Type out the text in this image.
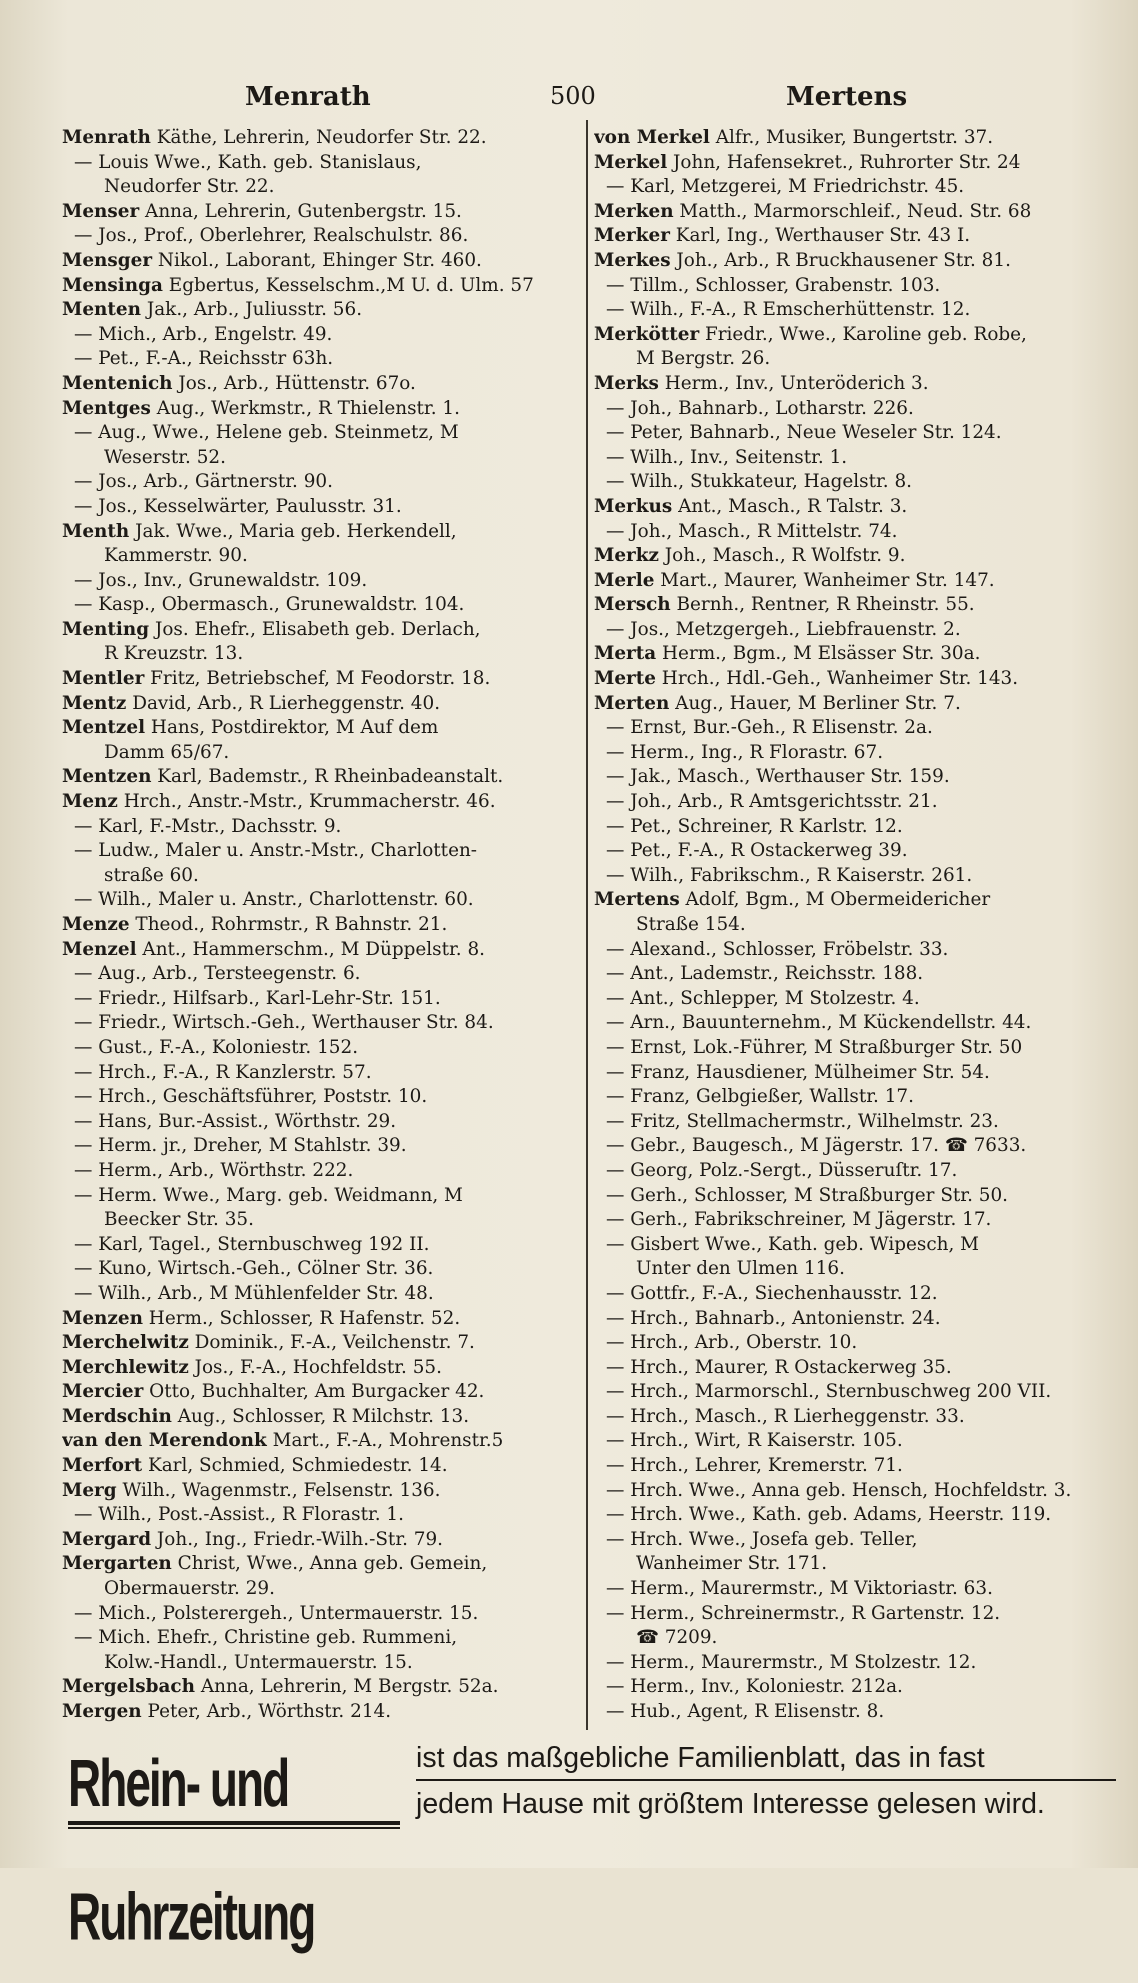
Menrath	500	Mertens
Menrath Käthe, Lehrerin, Neudorfer Str. 22.
— Louis Wwe., Kath. geb. Stanislaus,
Neudorfer Str. 22.
Menser Anna, Lehrerin, Gutenbergstr. 15.
— Jos., Prof., Oberlehrer, Realschulstr. 86.
Mensger Nikol., Laborant, Ehinger Str. 460.
Mensinga Egbertus, Kesselschm.,M U. d. Ulm. 57
Menten Jak., Arb., Juliusstr. 56.
— Mich., Arb., Engelstr. 49.
— Pet., F.-A., Reichsstr 63h.
Mentenich Jos., Arb., Hüttenstr. 67o.
Mentges Aug., Werkmstr., R Thielenstr. 1.
— Aug., Wwe., Helene geb. Steinmetz, M
Weserstr. 52.
— Jos., Arb., Gärtnerstr. 90.
— Jos., Kesselwärter, Paulusstr. 31.
Menth Jak. Wwe., Maria geb. Herkendell,
Kammerstr. 90.
— Jos., Inv., Grunewaldstr. 109.
— Kasp., Obermasch., Grunewaldstr. 104.
Menting Jos. Ehefr., Elisabeth geb. Derlach,
R Kreuzstr. 13.
Mentler Fritz, Betriebschef, M Feodorstr. 18.
Mentz David, Arb., R Lierheggenstr. 40.
Mentzel Hans, Postdirektor, M Auf dem
Damm 65/67.
Mentzen Karl, Bademstr., R Rheinbadeanstalt.
Menz Hrch., Anstr.-Mstr., Krummacherstr. 46.
— Karl, F.-Mstr., Dachsstr. 9.
— Ludw., Maler u. Anstr.-Mstr., Charlotten-
straße 60.
— Wilh., Maler u. Anstr., Charlottenstr. 60.
Menze Theod., Rohrmstr., R Bahnstr. 21.
Menzel Ant., Hammerschm., M Düppelstr. 8.
— Aug., Arb., Tersteegenstr. 6.
— Friedr., Hilfsarb., Karl-Lehr-Str. 151.
— Friedr., Wirtsch.-Geh., Werthauser Str. 84.
— Gust., F.-A., Koloniestr. 152.
— Hrch., F.-A., R Kanzlerstr. 57.
— Hrch., Geschäftsführer, Poststr. 10.
— Hans, Bur.-Assist., Wörthstr. 29.
— Herm. jr., Dreher, M Stahlstr. 39.
— Herm., Arb., Wörthstr. 222.
— Herm. Wwe., Marg. geb. Weidmann, M
Beecker Str. 35.
— Karl, Tagel., Sternbuschweg 192 II.
— Kuno, Wirtsch.-Geh., Cölner Str. 36.
— Wilh., Arb., M Mühlenfelder Str. 48.
Menzen Herm., Schlosser, R Hafenstr. 52.
Merchelwitz Dominik., F.-A., Veilchenstr. 7.
Merchlewitz Jos., F.-A., Hochfeldstr. 55.
Mercier Otto, Buchhalter, Am Burgacker 42.
Merdschin Aug., Schlosser, R Milchstr. 13.
van den Merendonk Mart., F.-A., Mohrenstr.5
Merfort Karl, Schmied, Schmiedestr. 14.
Merg Wilh., Wagenmstr., Felsenstr. 136.
— Wilh., Post.-Assist., R Florastr. 1.
Mergard Joh., Ing., Friedr.-Wilh.-Str. 79.
Mergarten Christ, Wwe., Anna geb. Gemein,
Obermauerstr. 29.
— Mich., Polsterergeh., Untermauerstr. 15.
— Mich. Ehefr., Christine geb. Rummeni,
Kolw.-Handl., Untermauerstr. 15.
Mergelsbach Anna, Lehrerin, M Bergstr. 52a.
Mergen Peter, Arb., Wörthstr. 214.
—
von Merkel Alfr., Musiker, Bungertstr. 37.
Merkel John, Hafensekret., Ruhrorter Str. 24
— Karl, Metzgerei, M Friedrichstr. 45.
Merken Matth., Marmorschleif., Neud. Str. 68
Merker Karl, Ing., Werthauser Str. 43 I.
Merkes Joh., Arb., R Bruckhausener Str. 81.
— Tillm., Schlosser, Grabenstr. 103.
— Wilh., F.-A., R Emscherhüttenstr. 12.
Merkötter Friedr., Wwe., Karoline geb. Robe,
M Bergstr. 26.
Merks Herm., Inv., Unteröderich 3.
— Joh., Bahnarb., Lotharstr. 226.
— Peter, Bahnarb., Neue Weseler Str. 124.
— Wilh., Inv., Seitenstr. 1.
— Wilh., Stukkateur, Hagelstr. 8.
Merkus Ant., Masch., R Talstr. 3.
— Joh., Masch., R Mittelstr. 74.
Merkz Joh., Masch., R Wolfstr. 9.
Merle Mart., Maurer, Wanheimer Str. 147.
Mersch Bernh., Rentner, R Rheinstr. 55.
— Jos., Metzgergeh., Liebfrauenstr. 2.
Merta Herm., Bgm., M Elsässer Str. 30a.
Merte Hrch., Hdl.-Geh., Wanheimer Str. 143.
Merten Aug., Hauer, M Berliner Str. 7.
— Ernst, Bur.-Geh., R Elisenstr. 2a.
— Herm., Ing., R Florastr. 67.
— Jak., Masch., Werthauser Str. 159.
— Joh., Arb., R Amtsgerichtsstr. 21.
— Pet., Schreiner, R Karlstr. 12.
— Pet., F.-A., R Ostackerweg 39.
— Wilh., Fabrikschm., R Kaiserstr. 261.
Mertens Adolf, Bgm., M Obermeidericher
Straße 154.
— Alexand., Schlosser, Fröbelstr. 33.
— Ant., Lademstr., Reichsstr. 188.
— Ant., Schlepper, M Stolzestr. 4.
— Arn., Bauunternehm., M Kückendellstr. 44.
— Ernst, Lok.-Führer, M Straßburger Str. 50
— Franz, Hausdiener, Mülheimer Str. 54.
— Franz, Gelbgießer, Wallstr. 17.
— Fritz, Stellmachermstr., Wilhelmstr. 23.
— Gebr., Baugesch., M Jägerstr. 17. ☎ 7633.
— Georg, Polz.-Sergt., Düsseruſtr. 17.
— Gerh., Schlosser, M Straßburger Str. 50.
— Gerh., Fabrikschreiner, M Jägerstr. 17.
— Gisbert Wwe., Kath. geb. Wipesch, M
Unter den Ulmen 116.
— Gottfr., F.-A., Siechenhausstr. 12.
— Hrch., Bahnarb., Antonienstr. 24.
— Hrch., Arb., Oberstr. 10.
— Hrch., Maurer, R Ostackerweg 35.
— Hrch., Marmorschl., Sternbuschweg 200 VII.
— Hrch., Masch., R Lierheggenstr. 33.
— Hrch., Wirt, R Kaiserstr. 105.
— Hrch., Lehrer, Kremerstr. 71.
— Hrch. Wwe., Anna geb. Hensch, Hochfeldstr. 3.
— Hrch. Wwe., Kath. geb. Adams, Heerstr. 119.
— Hrch. Wwe., Josefa geb. Teller,
Wanheimer Str. 171.
— Herm., Maurermstr., M Viktoriastr. 63.
— Herm., Schreinermstr., R Gartenstr. 12.
☎ 7209.
— Herm., Maurermstr., M Stolzestr. 12.
— Herm., Inv., Koloniestr. 212a.
— Hub., Agent, R Elisenstr. 8.
—
Rhein- und Ruhrzeitung
ist das maßgebliche Familienblatt, das in fast
jedem Hause mit größtem Interesse gelesen wird.
